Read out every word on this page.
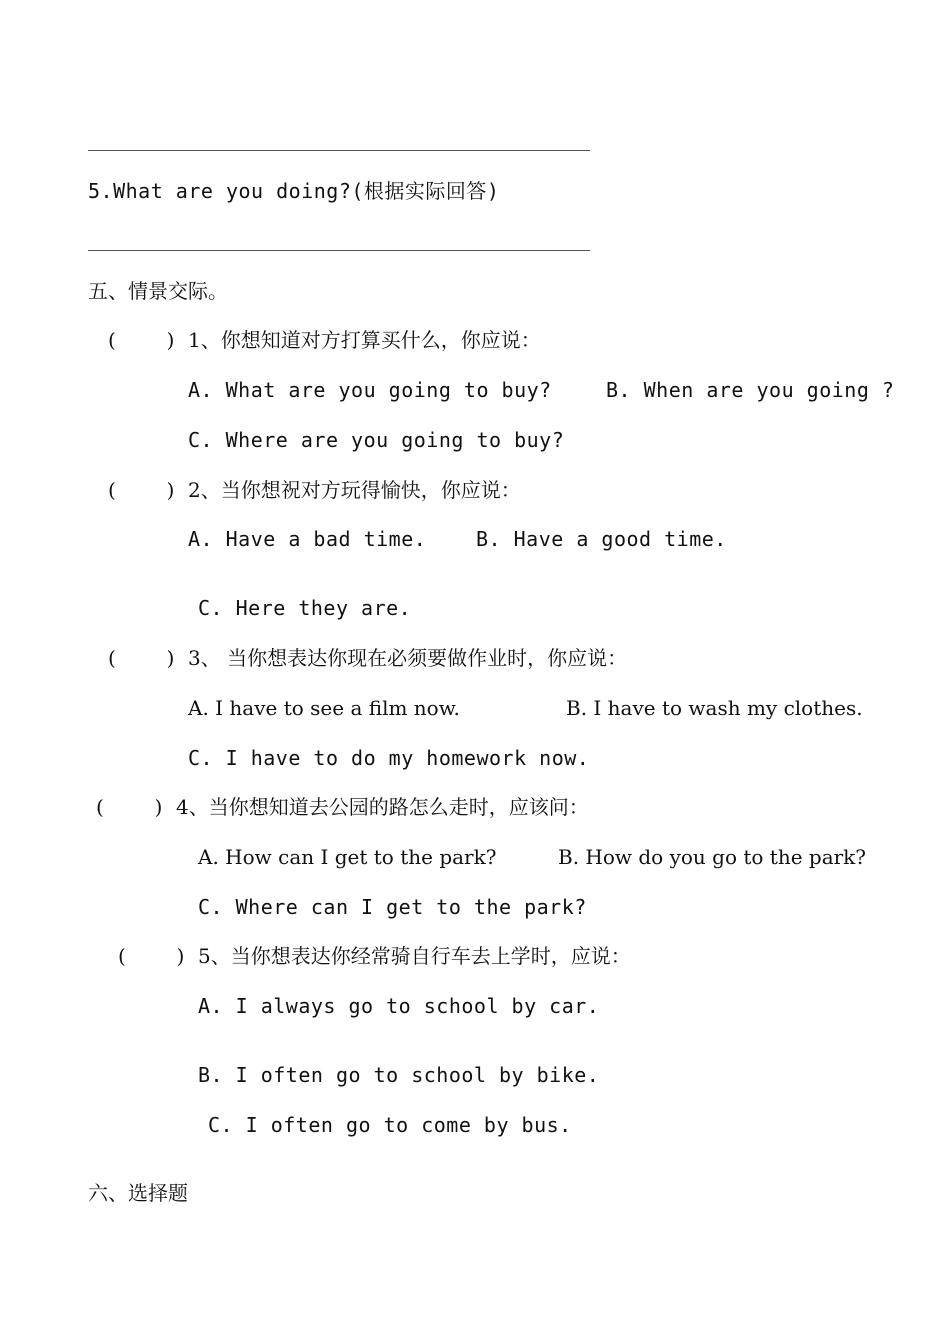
5.What are you doing?(根据实际回答)
五、情景交际。
(        ) 1、你想知道对方打算买什么，你应说：
A. What are you going to buy?	B. When are you going ?
C. Where are you going to buy?
(        ) 2、当你想祝对方玩得愉快，你应说：
A. Have a bad time. B. Have a good time.
C. Here they are.
(        ) 3、 当你想表达你现在必须要做作业时，你应说：
A. I have to see a film now.	B. I have to wash my clothes.
C. I have to do my homework now.
(        ) 4、当你想知道去公园的路怎么走时，应该问：
A. How can I get to the park?	B. How do you go to the park?
C. Where can I get to the park?
(        ) 5、当你想表达你经常骑自行车去上学时，应说：
A. I always go to school by car.
B. I often go to school by bike.
C. I often go to come by bus.
六、选择题
